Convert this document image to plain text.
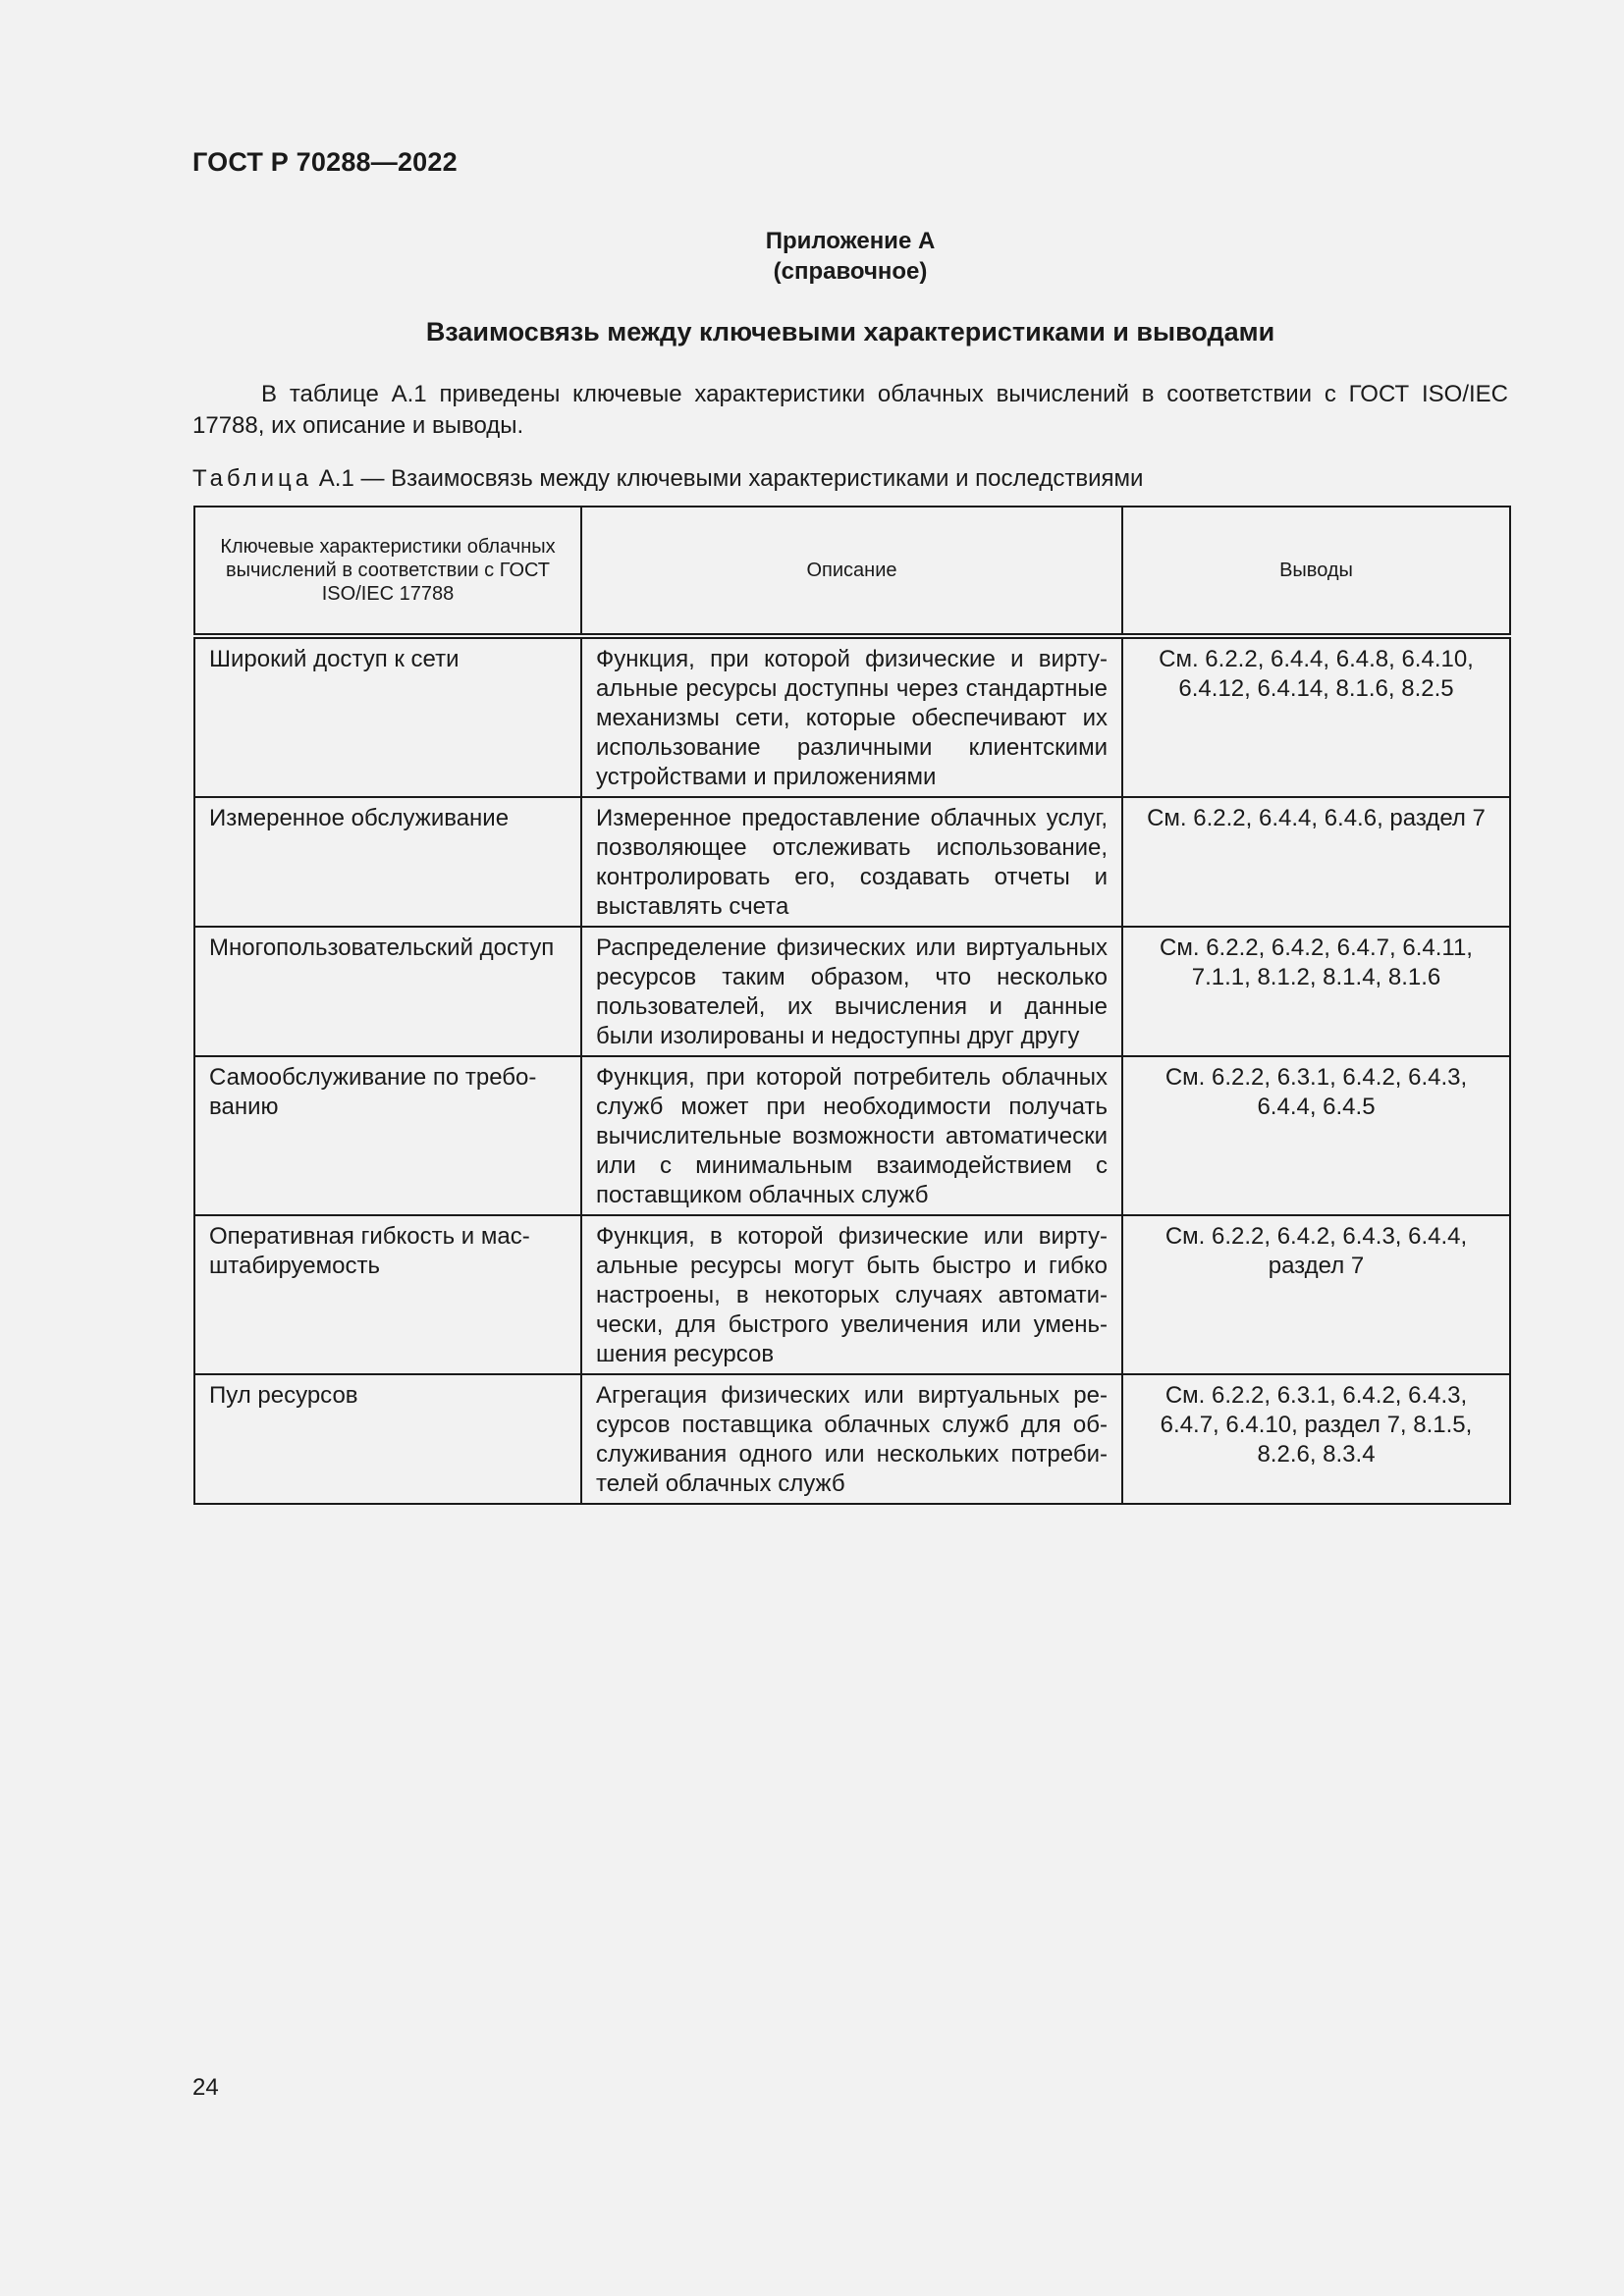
ГОСТ Р 70288—2022
Приложение А
(справочное)
Взаимосвязь между ключевыми характеристиками и выводами

В таблице А.1 приведены ключевые характеристики облачных вычислений в соответствии с ГОСТ ISO/IEC 17788, их описание и выводы.

Таблица А.1 — Взаимосвязь между ключевыми характеристиками и последствиями
Ключевые характеристики облачных вычислений в соответствии с ГОСТ ISO/IEC 17788	Описание	Выводы
Широкий доступ к сети	Функция, при которой физические и виртуальные ресурсы доступны через стандартные механизмы сети, которые обеспечивают их использование различными клиентскими устройствами и приложениями	См. 6.2.2, 6.4.4, 6.4.8, 6.4.10, 6.4.12, 6.4.14, 8.1.6, 8.2.5
Измеренное обслуживание	Измеренное предоставление облачных услуг, позволяющее отслеживать использование, контролировать его, создавать отчеты и выставлять счета	См. 6.2.2, 6.4.4, 6.4.6, раздел 7
Многопользовательский доступ	Распределение физических или виртуальных ресурсов таким образом, что несколько пользователей, их вычисления и данные были изолированы и недоступны друг другу	См. 6.2.2, 6.4.2, 6.4.7, 6.4.11, 7.1.1, 8.1.2, 8.1.4, 8.1.6
Самообслуживание по требованию	Функция, при которой потребитель облачных служб может при необходимости получать вычислительные возможности автоматически или с минимальным взаимодействием с поставщиком облачных служб	См. 6.2.2, 6.3.1, 6.4.2, 6.4.3, 6.4.4, 6.4.5
Оперативная гибкость и масштабируемость	Функция, в которой физические или виртуальные ресурсы могут быть быстро и гибко настроены, в некоторых случаях автоматически, для быстрого увеличения или уменьшения ресурсов	См. 6.2.2, 6.4.2, 6.4.3, 6.4.4, раздел 7
Пул ресурсов	Агрегация физических или виртуальных ресурсов поставщика облачных служб для обслуживания одного или нескольких потребителей облачных служб	См. 6.2.2, 6.3.1, 6.4.2, 6.4.3, 6.4.7, 6.4.10, раздел 7, 8.1.5, 8.2.6, 8.3.4
24
